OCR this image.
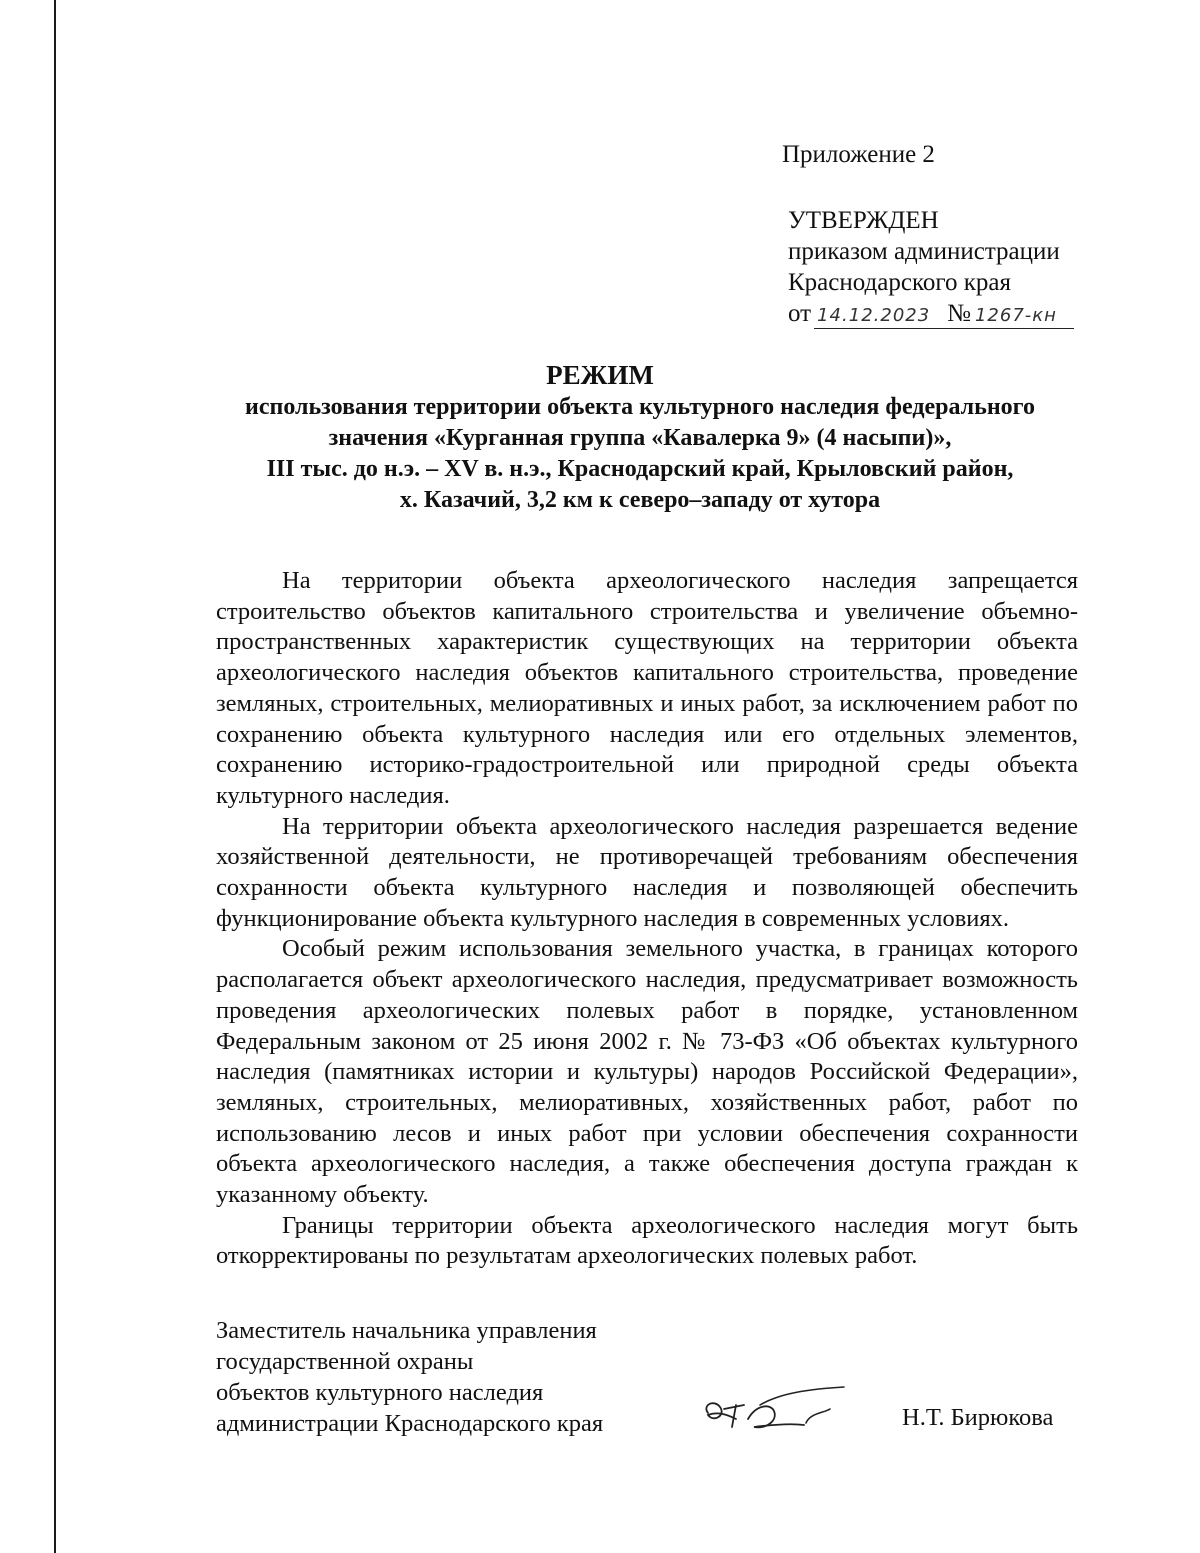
Приложение 2
УТВЕРЖДЕН
приказом администрации
Краснодарского края
от 14.12.2023 № 1267-кн
РЕЖИМ
использования территории объекта культурного наследия федерального
значения «Курганная группа «Кавалерка 9» (4 насыпи)»,
III тыс. до н.э. – XV в. н.э., Краснодарский край, Крыловский район,
х. Казачий, 3,2 км к северо–западу от хутора

На территории объекта археологического наследия запрещается строительство объектов капитального строительства и увеличение объемно-пространственных характеристик существующих на территории объекта археологического наследия объектов капитального строительства, проведение земляных, строительных, мелиоративных и иных работ, за исключением работ по сохранению объекта культурного наследия или его отдельных элементов, сохранению историко-градостроительной или природной среды объекта культурного наследия.

На территории объекта археологического наследия разрешается ведение хозяйственной деятельности, не противоречащей требованиям обеспечения сохранности объекта культурного наследия и позволяющей обеспечить функционирование объекта культурного наследия в современных условиях.

Особый режим использования земельного участка, в границах которого располагается объект археологического наследия, предусматривает возможность проведения археологических полевых работ в порядке, установленном Федеральным законом от 25 июня 2002 г. № 73-ФЗ «Об объектах культурного наследия (памятниках истории и культуры) народов Российской Федерации», земляных, строительных, мелиоративных, хозяйственных работ, работ по использованию лесов и иных работ при условии обеспечения сохранности объекта археологического наследия, а также обеспечения доступа граждан к указанному объекту.

Границы территории объекта археологического наследия могут быть откорректированы по результатам археологических полевых работ.

Заместитель начальника управления
государственной охраны
объектов культурного наследия
администрации Краснодарского края	Н.Т. Бирюкова
